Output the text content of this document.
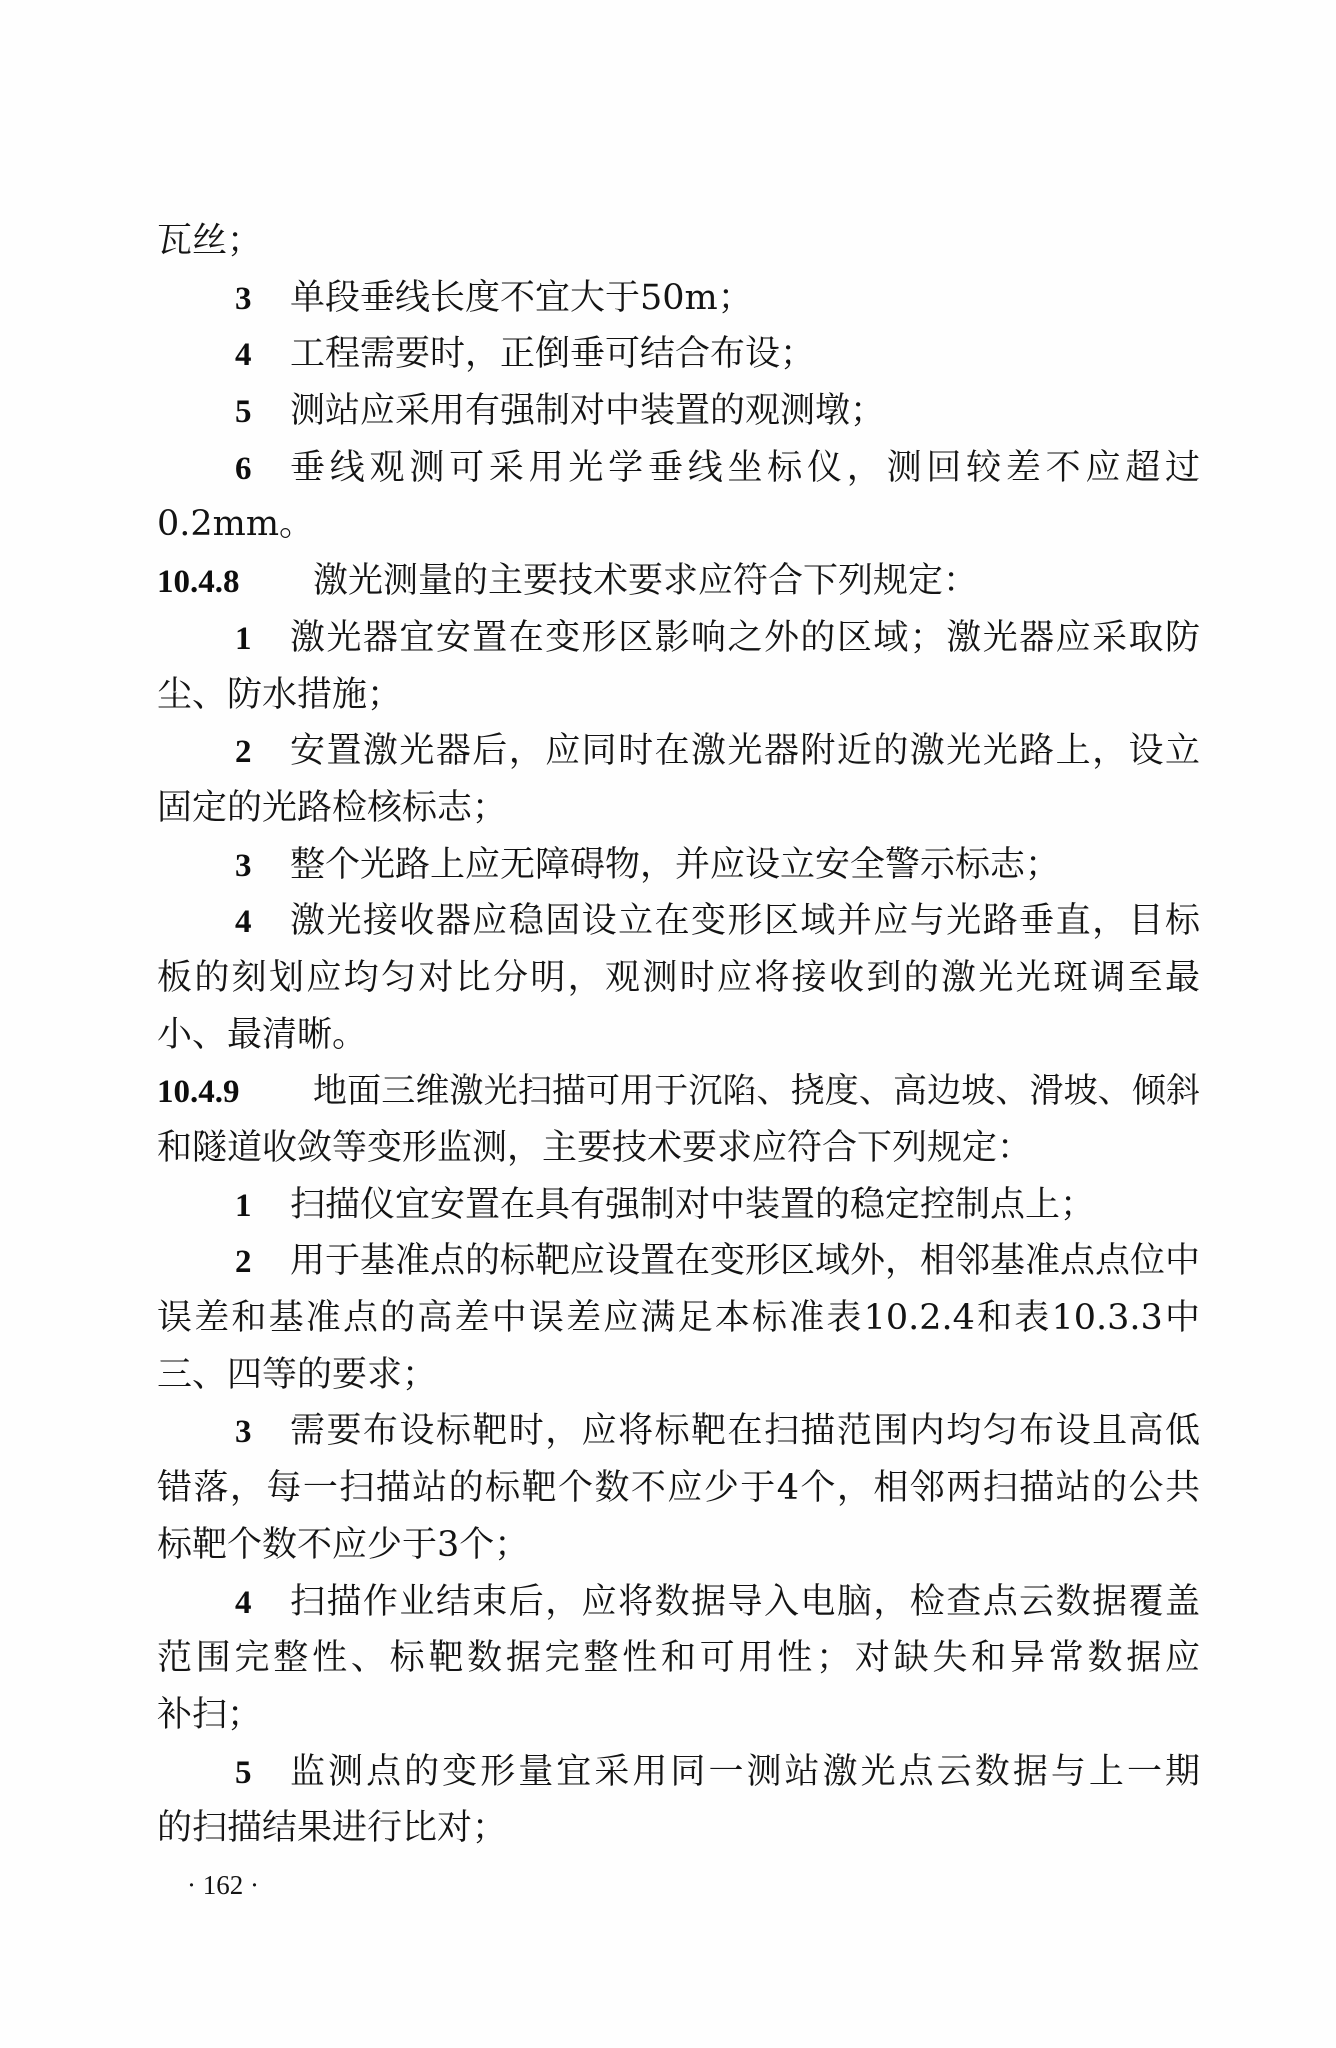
瓦丝；
3	单段垂线长度不宜大于50m；
4	工程需要时，正倒垂可结合布设；
5	测站应采用有强制对中装置的观测墩；
6	垂线观测可采用光学垂线坐标仪，测回较差不应超过
0.2mm。
10.4.8	激光测量的主要技术要求应符合下列规定：
1	激光器宜安置在变形区影响之外的区域；激光器应采取防
尘、防水措施；
2	安置激光器后，应同时在激光器附近的激光光路上，设立
固定的光路检核标志；
3	整个光路上应无障碍物，并应设立安全警示标志；
4	激光接收器应稳固设立在变形区域并应与光路垂直，目标
板的刻划应均匀对比分明，观测时应将接收到的激光光斑调至最
小、最清晰。
10.4.9	地面三维激光扫描可用于沉陷、挠度、高边坡、滑坡、倾斜
和隧道收敛等变形监测，主要技术要求应符合下列规定：
1	扫描仪宜安置在具有强制对中装置的稳定控制点上；
2	用于基准点的标靶应设置在变形区域外，相邻基准点点位中
误差和基准点的高差中误差应满足本标准表10.2.4和表10.3.3中
三、四等的要求；
3	需要布设标靶时，应将标靶在扫描范围内均匀布设且高低
错落，每一扫描站的标靶个数不应少于4个，相邻两扫描站的公共
标靶个数不应少于3个；
4	扫描作业结束后，应将数据导入电脑，检查点云数据覆盖
范围完整性、标靶数据完整性和可用性；对缺失和异常数据应
补扫；
5	监测点的变形量宜采用同一测站激光点云数据与上一期
的扫描结果进行比对；
· 162 ·
